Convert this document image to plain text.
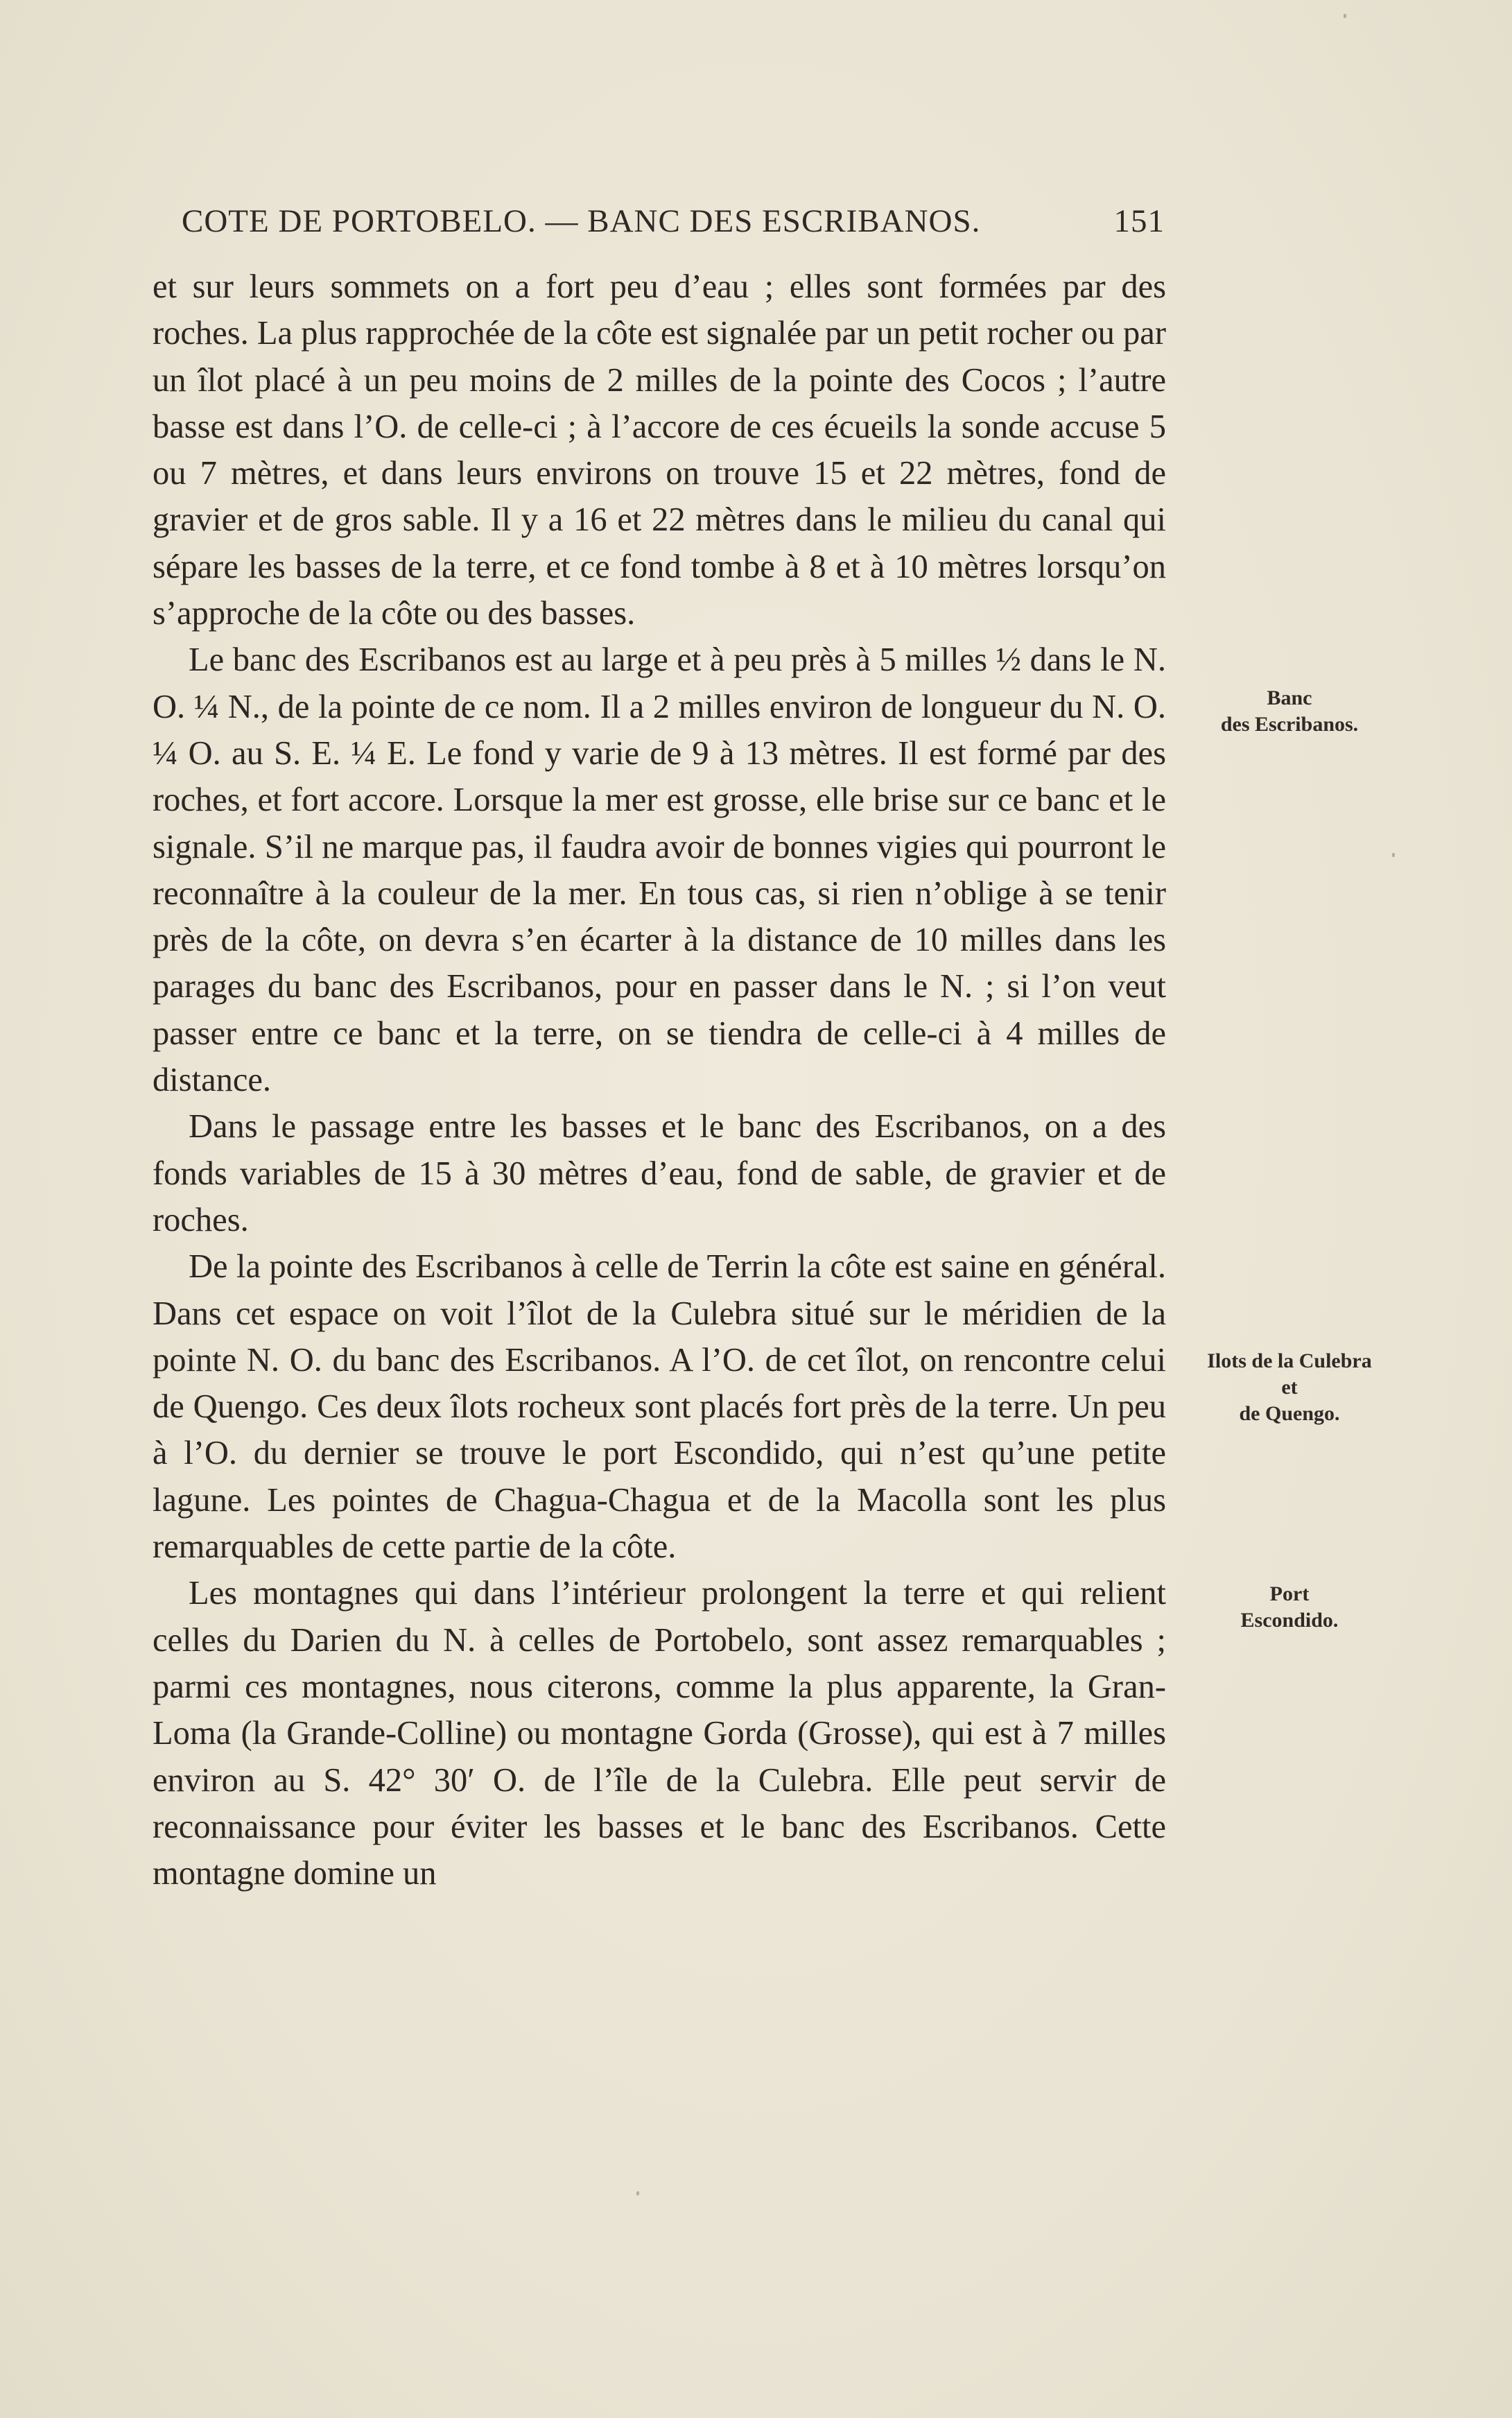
COTE DE PORTOBELO. — BANC DES ESCRIBANOS.	151

et sur leurs sommets on a fort peu d’eau ; elles sont formées par des roches. La plus rapprochée de la côte est signalée par un petit rocher ou par un îlot placé à un peu moins de 2 milles de la pointe des Cocos ; l’autre basse est dans l’O. de celle-ci ; à l’accore de ces écueils la sonde accuse 5 ou 7 mètres, et dans leurs environs on trouve 15 et 22 mètres, fond de gravier et de gros sable. Il y a 16 et 22 mètres dans le milieu du canal qui sépare les basses de la terre, et ce fond tombe à 8 et à 10 mètres lorsqu’on s’approche de la côte ou des basses.

Le banc des Escribanos est au large et à peu près à 5 milles ½ dans le N. O. ¼ N., de la pointe de ce nom. Il a 2 milles environ de longueur du N. O. ¼ O. au S. E. ¼ E. Le fond y varie de 9 à 13 mètres. Il est formé par des roches, et fort accore. Lorsque la mer est grosse, elle brise sur ce banc et le signale. S’il ne marque pas, il faudra avoir de bonnes vigies qui pourront le reconnaître à la couleur de la mer. En tous cas, si rien n’oblige à se tenir près de la côte, on devra s’en écarter à la distance de 10 milles dans les parages du banc des Escribanos, pour en passer dans le N. ; si l’on veut passer entre ce banc et la terre, on se tiendra de celle-ci à 4 milles de distance.

Dans le passage entre les basses et le banc des Escribanos, on a des fonds variables de 15 à 30 mètres d’eau, fond de sable, de gravier et de roches.

De la pointe des Escribanos à celle de Terrin la côte est saine en général. Dans cet espace on voit l’îlot de la Culebra situé sur le méridien de la pointe N. O. du banc des Escribanos. A l’O. de cet îlot, on rencontre celui de Quengo. Ces deux îlots rocheux sont placés fort près de la terre. Un peu à l’O. du dernier se trouve le port Escondido, qui n’est qu’une petite lagune. Les pointes de Chagua-Chagua et de la Macolla sont les plus remarquables de cette partie de la côte.

Les montagnes qui dans l’intérieur prolongent la terre et qui relient celles du Darien du N. à celles de Portobelo, sont assez remarquables ; parmi ces montagnes, nous citerons, comme la plus apparente, la Gran-Loma (la Grande-Colline) ou montagne Gorda (Grosse), qui est à 7 milles environ au S. 42° 30′ O. de l’île de la Culebra. Elle peut servir de reconnaissance pour éviter les basses et le banc des Escribanos. Cette montagne domine un

Banc
des Escribanos.
Ilots de la Culebra
et
de Quengo.
Port
Escondido.
